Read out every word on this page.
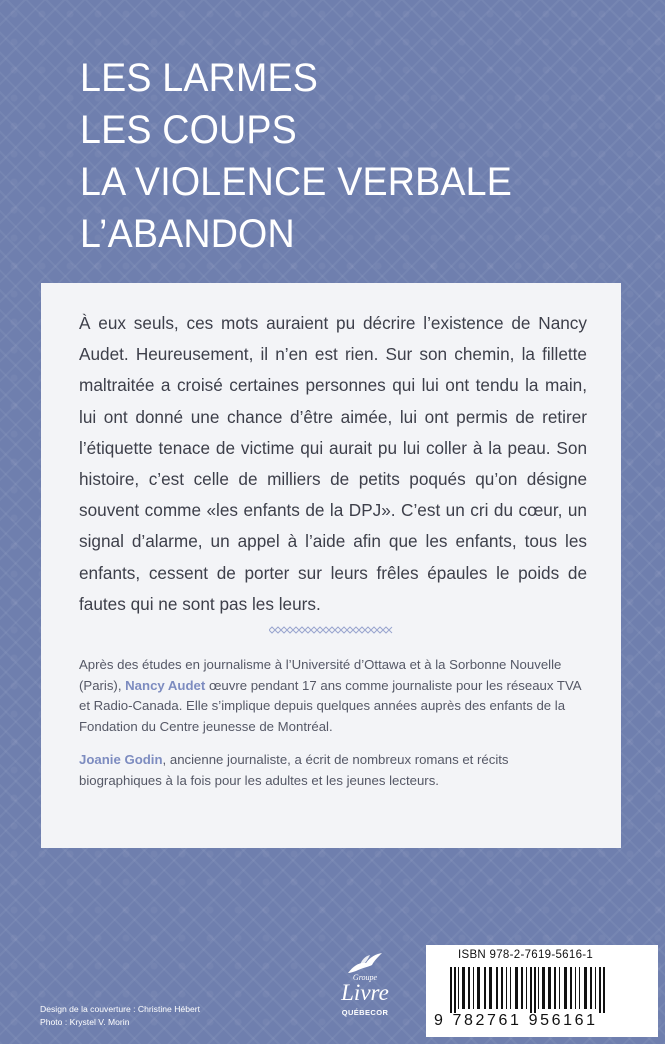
LES LARMES
LES COUPS
LA VIOLENCE VERBALE
L’ABANDON
À eux seuls, ces mots auraient pu décrire l’existence de Nancy Audet. Heureusement, il n’en est rien. Sur son chemin, la fillette maltraitée a croisé certaines personnes qui lui ont tendu la main, lui ont donné une chance d’être aimée, lui ont permis de retirer l’étiquette tenace de victime qui aurait pu lui coller à la peau. Son histoire, c’est celle de milliers de petits poqués qu’on désigne souvent comme «les enfants de la DPJ». C’est un cri du cœur, un signal d’alarme, un appel à l’aide afin que les enfants, tous les enfants, cessent de porter sur leurs frêles épaules le poids de fautes qui ne sont pas les leurs.

Après des études en journalisme à l’Université d’Ottawa et à la Sorbonne Nouvelle (Paris), Nancy Audet œuvre pendant 17 ans comme journaliste pour les réseaux TVA et Radio-Canada. Elle s’implique depuis quelques années auprès des enfants de la Fondation du Centre jeunesse de Montréal.

Joanie Godin, ancienne journaliste, a écrit de nombreux romans et récits biographiques à la fois pour les adultes et les jeunes lecteurs.

Design de la couverture : Christine Hébert
Photo : Krystel V. Morin
Groupe
Livre
QUÉBECOR
ISBN 978-2-7619-5616-1
9 782761 956161
